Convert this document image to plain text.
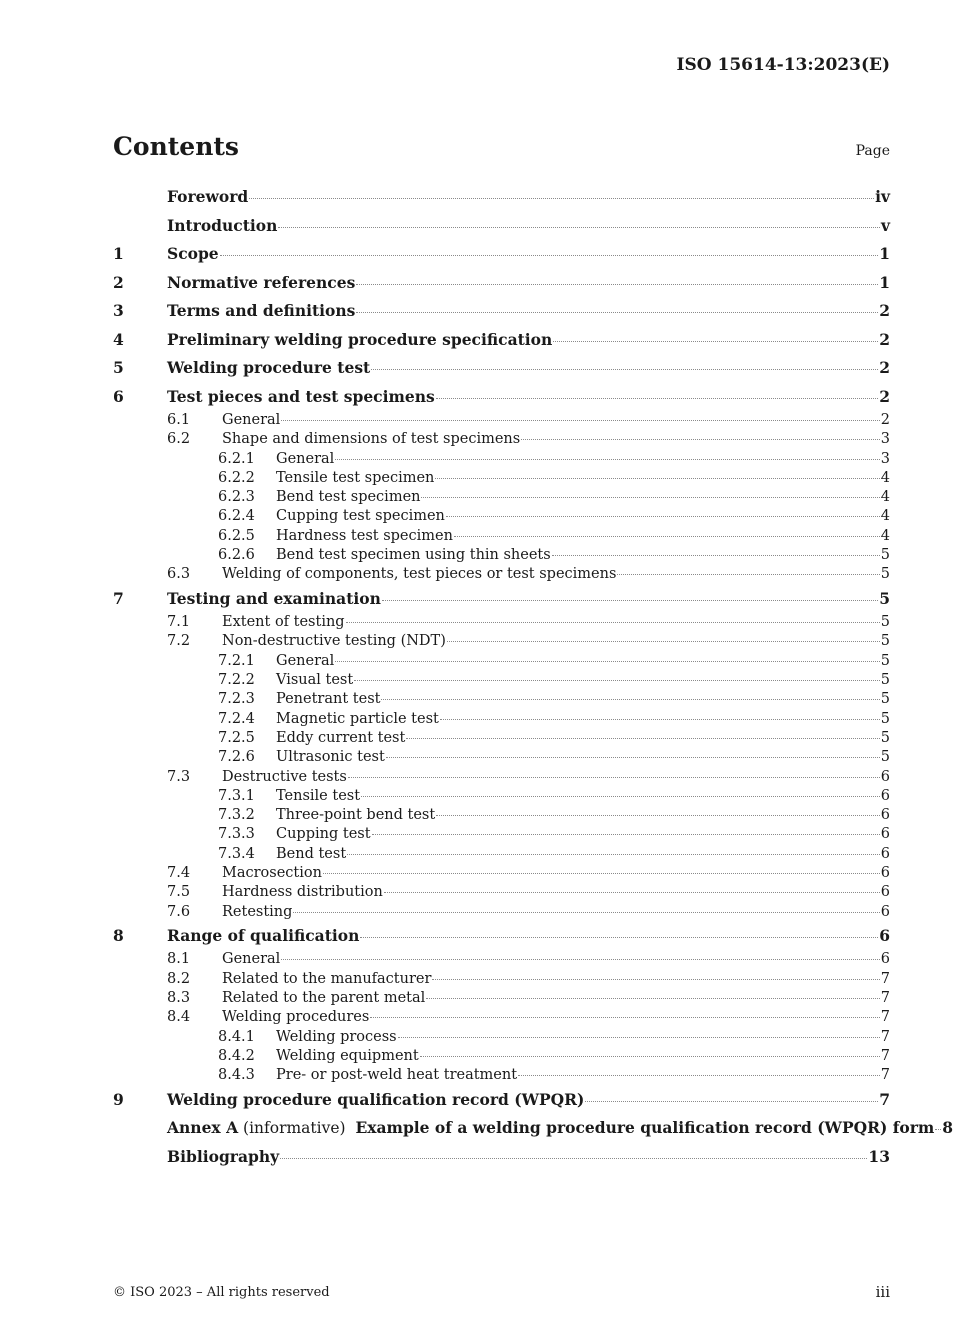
ISO 15614-13:2023(E)
Contents	Page
Foreword	iv
Introduction	v
1	Scope	1
2	Normative references	1
3	Terms and definitions	2
4	Preliminary welding procedure specification	2
5	Welding procedure test	2
6	Test pieces and test specimens	2
6.1	General	2
6.2	Shape and dimensions of test specimens	3
6.2.1	General	3
6.2.2	Tensile test specimen	4
6.2.3	Bend test specimen	4
6.2.4	Cupping test specimen	4
6.2.5	Hardness test specimen	4
6.2.6	Bend test specimen using thin sheets	5
6.3	Welding of components, test pieces or test specimens	5
7	Testing and examination	5
7.1	Extent of testing	5
7.2	Non-destructive testing (NDT)	5
7.2.1	General	5
7.2.2	Visual test	5
7.2.3	Penetrant test	5
7.2.4	Magnetic particle test	5
7.2.5	Eddy current test	5
7.2.6	Ultrasonic test	5
7.3	Destructive tests	6
7.3.1	Tensile test	6
7.3.2	Three-point bend test	6
7.3.3	Cupping test	6
7.3.4	Bend test	6
7.4	Macrosection	6
7.5	Hardness distribution	6
7.6	Retesting	6
8	Range of qualification	6
8.1	General	6
8.2	Related to the manufacturer	7
8.3	Related to the parent metal	7
8.4	Welding procedures	7
8.4.1	Welding process	7
8.4.2	Welding equipment	7
8.4.3	Pre- or post-weld heat treatment	7
9	Welding procedure qualification record (WPQR)	7
Annex A (informative)  Example of a welding procedure qualification record (WPQR) form 8
Bibliography	13
© ISO 2023 – All rights reserved	iii
